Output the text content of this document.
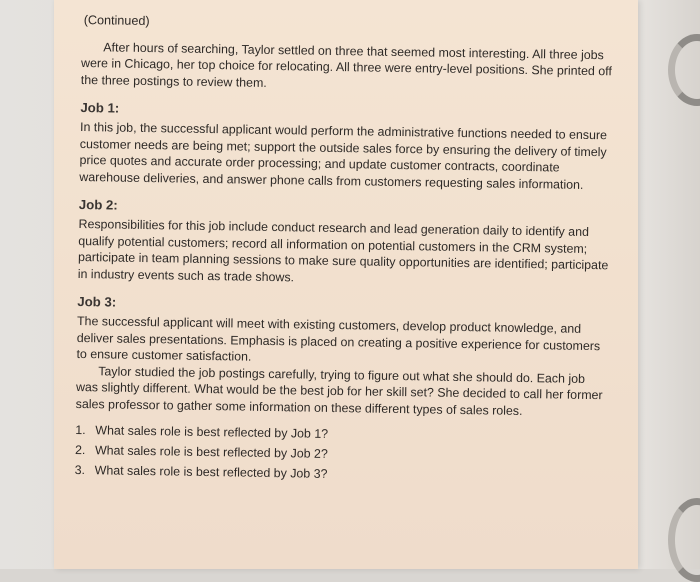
(Continued)

After hours of searching, Taylor settled on three that seemed most interesting. All three jobs were in Chicago, her top choice for relocating. All three were entry-level positions. She printed off the three postings to review them.

Job 1:

In this job, the successful applicant would perform the administrative functions needed to ensure customer needs are being met; support the outside sales force by ensuring the delivery of timely price quotes and accurate order processing; and update customer contracts, coordinate warehouse deliveries, and answer phone calls from customers requesting sales information.

Job 2:

Responsibilities for this job include conduct research and lead generation daily to identify and qualify potential customers; record all information on potential customers in the CRM system; participate in team planning sessions to make sure quality opportunities are identified; participate in industry events such as trade shows.

Job 3:

The successful applicant will meet with existing customers, develop product knowledge, and deliver sales presentations. Emphasis is placed on creating a positive experience for customers to ensure customer satisfaction.

Taylor studied the job postings carefully, trying to figure out what she should do. Each job was slightly different. What would be the best job for her skill set? She decided to call her former sales professor to gather some information on these different types of sales roles.

1. What sales role is best reflected by Job 1?
2. What sales role is best reflected by Job 2?
3. What sales role is best reflected by Job 3?
